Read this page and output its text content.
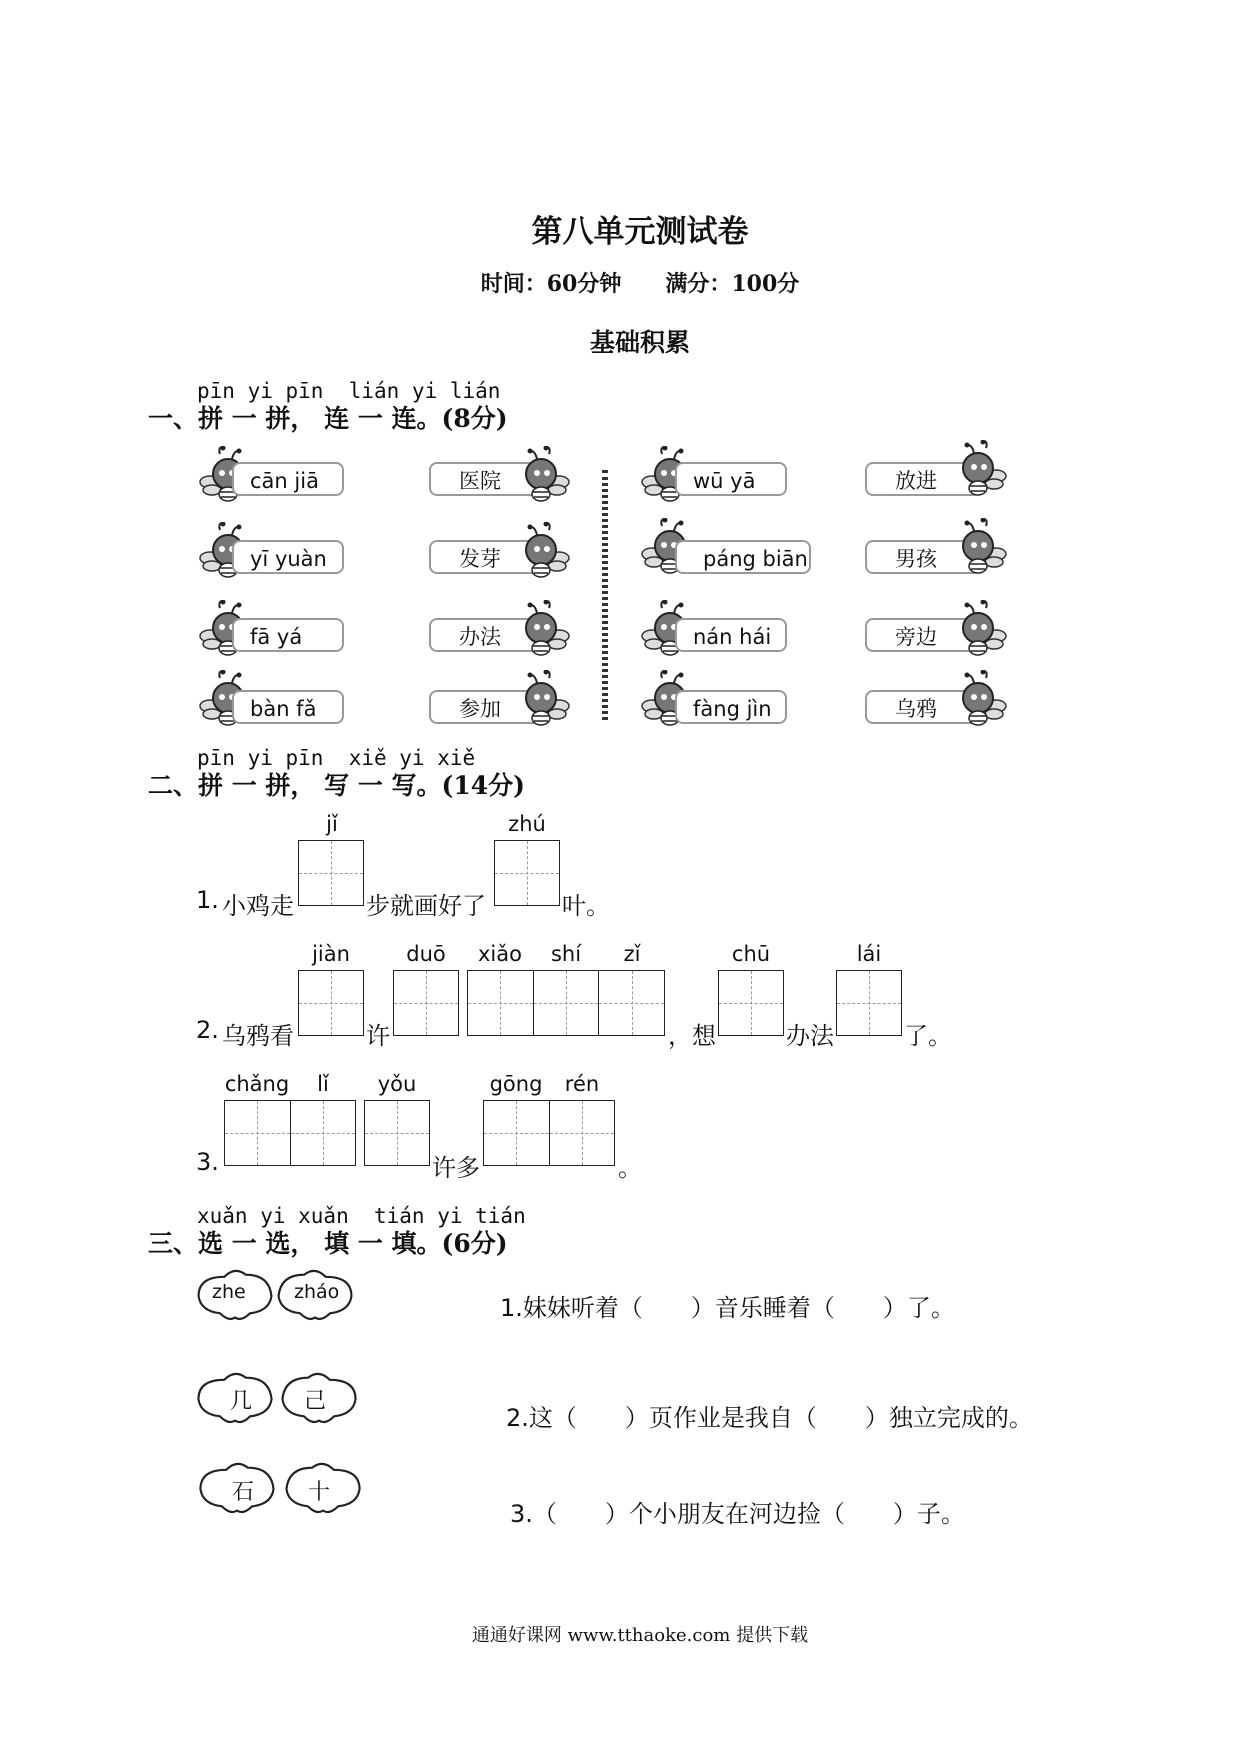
第八单元测试卷
时间：60分钟　　满分：100分
基础积累
pīn yi pīn  lián yi lián
一、拼 一 拼， 连 一 连。(8分)
cān jiā	医院
yī yuàn	发芽
fā yá	办法
bàn fǎ	参加
wū yā	放进
páng biān	男孩
nán hái	旁边
fàng jìn	乌鸦
pīn yi pīn  xiě yi xiě
二、拼 一 拼， 写 一 写。(14分)
jǐ	zhú
1. 小鸡走	步就画好了	叶。
jiàn	duō	xiǎo	shí	zǐ	chū	lái
2. 乌鸦看	许	，想	办法	了。
chǎng	lǐ	yǒu	gōng	rén
3.	许多	。
xuǎn yi xuǎn  tián yi tián
三、选 一 选， 填 一 填。(6分)
zhe	zháo
几 己
石 十
1.妹妹听着（　　）音乐睡着（　　）了。
2.这（　　）页作业是我自（　　）独立完成的。
3.（　　）个小朋友在河边捡（　　）子。
通通好课网 www.tthaoke.com 提供下载
